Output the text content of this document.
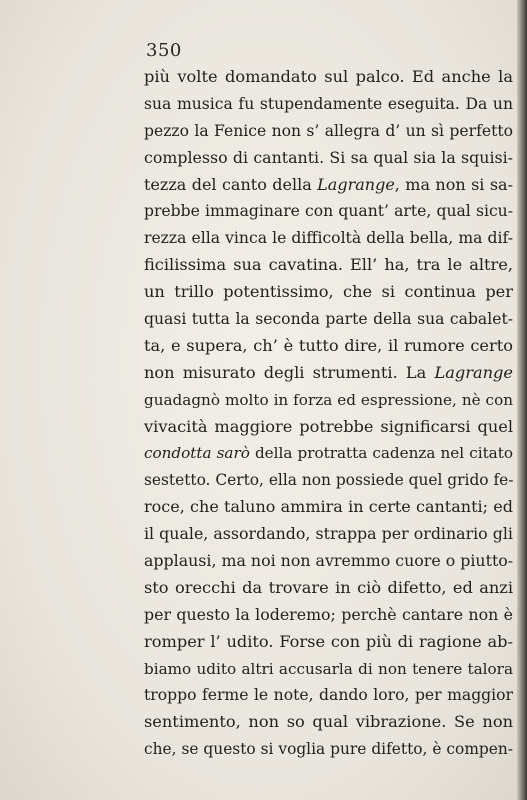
350
più volte domandato sul palco. Ed anche la
sua musica fu stupendamente eseguita. Da un
pezzo la Fenice non s’ allegra d’ un sì perfetto
complesso di cantanti. Si sa qual sia la squisi-
tezza del canto della Lagrange, ma non si sa-
prebbe immaginare con quant’ arte, qual sicu-
rezza ella vinca le difficoltà della bella, ma dif-
ficilissima sua cavatina. Ell’ ha, tra le altre,
un trillo potentissimo, che si continua per
quasi tutta la seconda parte della sua cabalet-
ta, e supera, ch’ è tutto dire, il rumore certo
non misurato degli strumenti. La Lagrange
guadagnò molto in forza ed espressione, nè con
vivacità maggiore potrebbe significarsi quel
condotta sarò della protratta cadenza nel citato
sestetto. Certo, ella non possiede quel grido fe-
roce, che taluno ammira in certe cantanti; ed
il quale, assordando, strappa per ordinario gli
applausi, ma noi non avremmo cuore o piutto-
sto orecchi da trovare in ciò difetto, ed anzi
per questo la loderemo; perchè cantare non è
romper l’ udito. Forse con più di ragione ab-
biamo udito altri accusarla di non tenere talora
troppo ferme le note, dando loro, per maggior
sentimento, non so qual vibrazione. Se non
che, se questo si voglia pure difetto, è compen-
